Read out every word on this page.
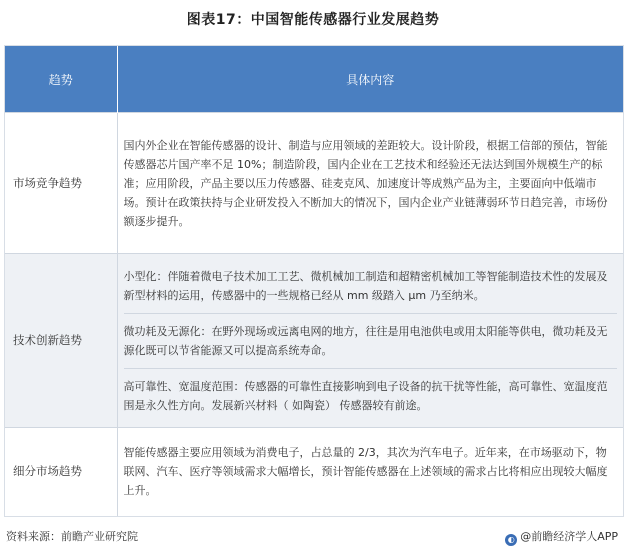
图表17：中国智能传感器行业发展趋势
趋势	具体内容
市场竞争趋势	国内外企业在智能传感器的设计、制造与应用领域的差距较大。设计阶段，根据工信部的预估，智能传感器芯片国产率不足 10%；制造阶段，国内企业在工艺技术和经验还无法达到国外规模生产的标准；应用阶段，产品主要以压力传感器、硅麦克风、加速度计等成熟产品为主，主要面向中低端市场。预计在政策扶持与企业研发投入不断加大的情况下，国内企业产业链薄弱环节日趋完善，市场份额逐步提升。

技术创新趋势	小型化：伴随着微电子技术加工工艺、微机械加工制造和超精密机械加工等智能制造技术性的发展及新型材料的运用，传感器中的一些规格已经从 mm 级踏入 μm 乃至纳米。
微功耗及无源化：在野外现场或远离电网的地方，往往是用电池供电或用太阳能等供电，微功耗及无源化既可以节省能源又可以提高系统寿命。
高可靠性、宽温度范围：传感器的可靠性直接影响到电子设备的抗干扰等性能，高可靠性、宽温度范围是永久性方向。发展新兴材料（ 如陶瓷） 传感器较有前途。

细分市场趋势	智能传感器主要应用领域为消费电子，占总量的 2/3，其次为汽车电子。近年来，在市场驱动下，物联网、汽车、医疗等领域需求大幅增长，预计智能传感器在上述领域的需求占比将相应出现较大幅度上升。
资料来源：前瞻产业研究院	◐ @前瞻经济学人APP
